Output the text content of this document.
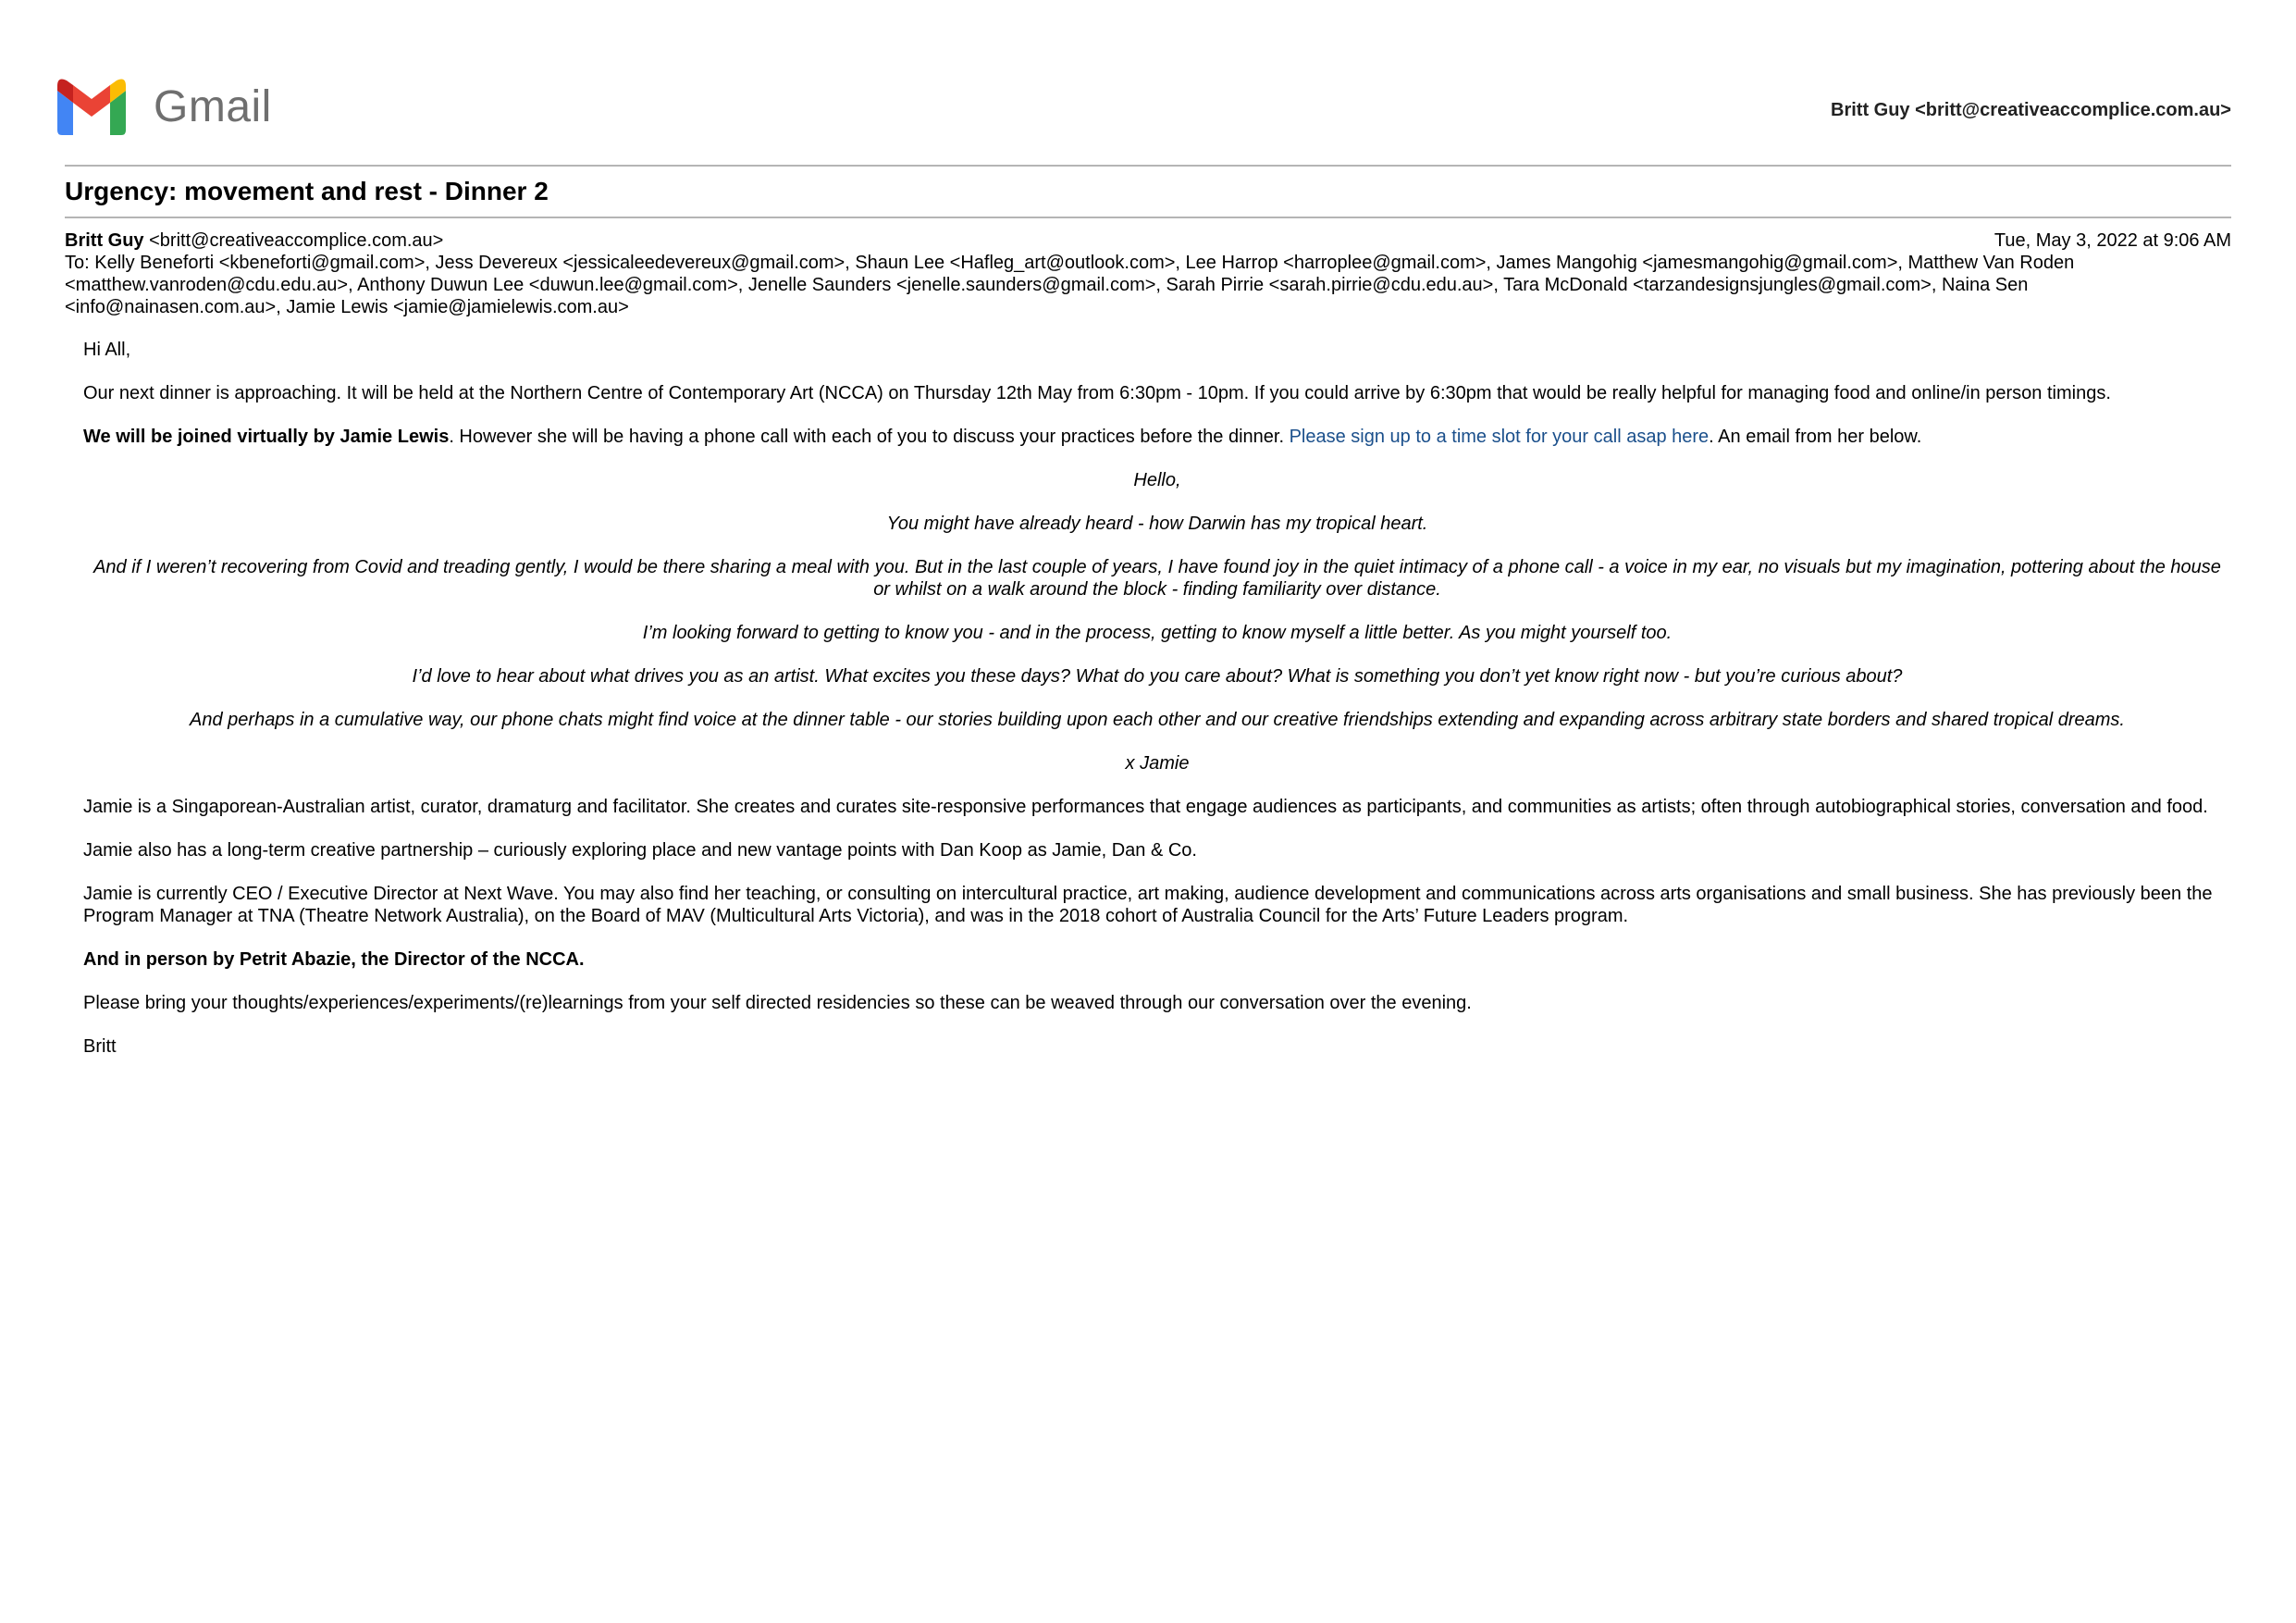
Gmail	Britt Guy <britt@creativeaccomplice.com.au>
Urgency: movement and rest - Dinner 2
Britt Guy <britt@creativeaccomplice.com.au>	Tue, May 3, 2022 at 9:06 AM
To: Kelly Beneforti <kbeneforti@gmail.com>, Jess Devereux <jessicaleedevereux@gmail.com>, Shaun Lee <Hafleg_art@outlook.com>, Lee Harrop <harroplee@gmail.com>, James Mangohig <jamesmangohig@gmail.com>, Matthew Van Roden <matthew.vanroden@cdu.edu.au>, Anthony Duwun Lee <duwun.lee@gmail.com>, Jenelle Saunders <jenelle.saunders@gmail.com>, Sarah Pirrie <sarah.pirrie@cdu.edu.au>, Tara McDonald <tarzandesignsjungles@gmail.com>, Naina Sen <info@nainasen.com.au>, Jamie Lewis <jamie@jamielewis.com.au>

Hi All,

Our next dinner is approaching. It will be held at the Northern Centre of Contemporary Art (NCCA) on Thursday 12th May from 6:30pm - 10pm. If you could arrive by 6:30pm that would be really helpful for managing food and online/in person timings.

We will be joined virtually by Jamie Lewis. However she will be having a phone call with each of you to discuss your practices before the dinner. Please sign up to a time slot for your call asap here. An email from her below.

Hello,

You might have already heard - how Darwin has my tropical heart.

And if I weren’t recovering from Covid and treading gently, I would be there sharing a meal with you. But in the last couple of years, I have found joy in the quiet intimacy of a phone call - a voice in my ear, no visuals but my imagination, pottering about the house or whilst on a walk around the block - finding familiarity over distance.

I’m looking forward to getting to know you - and in the process, getting to know myself a little better. As you might yourself too.

I’d love to hear about what drives you as an artist. What excites you these days? What do you care about? What is something you don’t yet know right now - but you’re curious about?

And perhaps in a cumulative way, our phone chats might find voice at the dinner table - our stories building upon each other and our creative friendships extending and expanding across arbitrary state borders and shared tropical dreams.

x Jamie

Jamie is a Singaporean-Australian artist, curator, dramaturg and facilitator. She creates and curates site-responsive performances that engage audiences as participants, and communities as artists; often through autobiographical stories, conversation and food.

Jamie also has a long-term creative partnership – curiously exploring place and new vantage points with Dan Koop as Jamie, Dan & Co.

Jamie is currently CEO / Executive Director at Next Wave. You may also find her teaching, or consulting on intercultural practice, art making, audience development and communications across arts organisations and small business. She has previously been the Program Manager at TNA (Theatre Network Australia), on the Board of MAV (Multicultural Arts Victoria), and was in the 2018 cohort of Australia Council for the Arts’ Future Leaders program.

And in person by Petrit Abazie, the Director of the NCCA.

Please bring your thoughts/experiences/experiments/(re)learnings from your self directed residencies so these can be weaved through our conversation over the evening.

Britt
